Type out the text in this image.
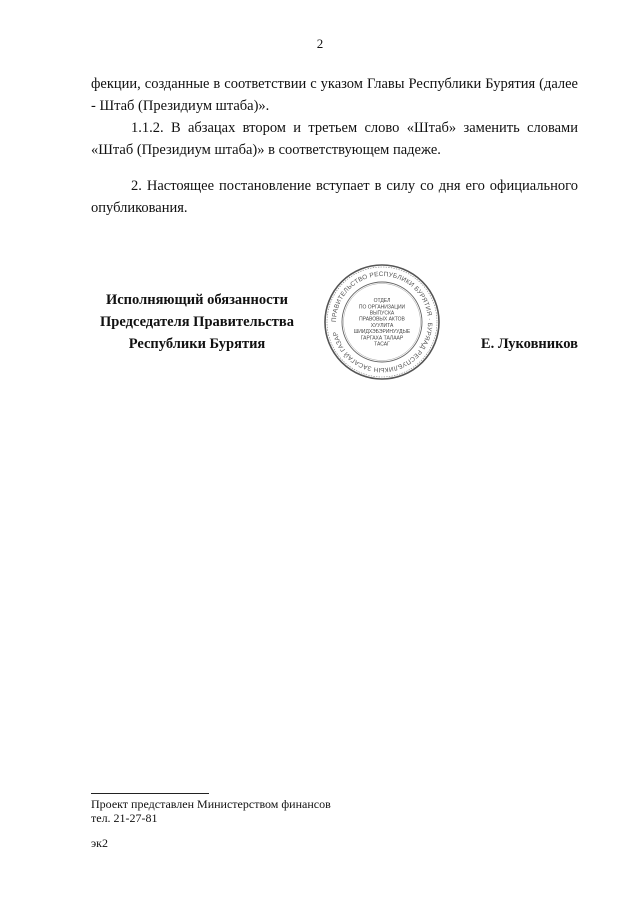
2

фекции, созданные в соответствии с указом Главы Республики Бурятия (далее - Штаб (Президиум штаба)».

1.1.2. В абзацах втором и третьем слово «Штаб» заменить словами «Штаб (Президиум штаба)» в соответствующем падеже.

2. Настоящее постановление вступает в силу со дня его официального опубликования.

Исполняющий обязанности
Председателя Правительства
Республики Бурятия	Е. Луковников
ПРАВИТЕЛЬСТВО РЕСПУБЛИКИ БУРЯТИЯ · БУРЯАД РЕСПУБЛИКЫН ЗАСАГАЙ ГАЗАР
ОТДЕЛ
ПО ОРГАНИЗАЦИИ
ВЫПУСКА
ПРАВОВЫХ АКТОВ
ХУУЛИТА
ШИИДХЭБЭРИНУУДЫЕ
ГАРГАХА ТАЛААР
ТАСАГ
Проект представлен Министерством финансов
тел. 21-27-81
эк2
